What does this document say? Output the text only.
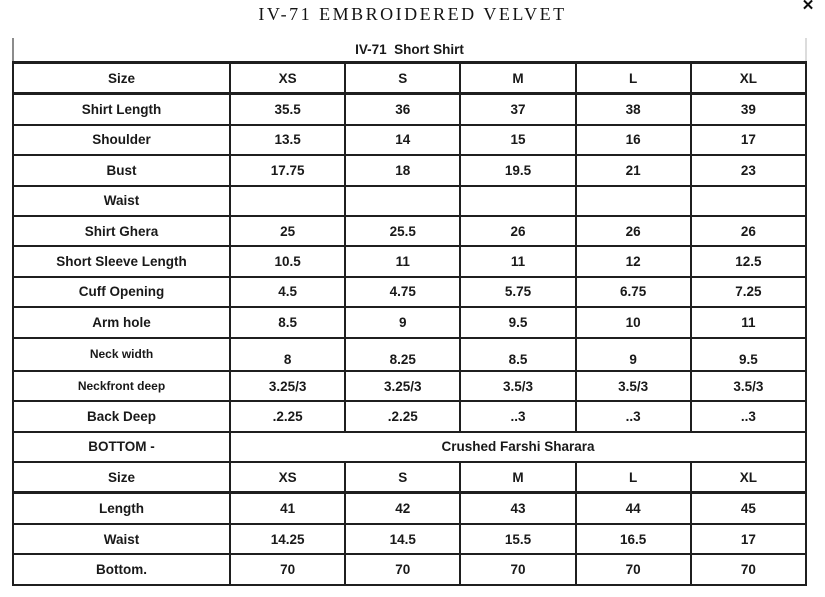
IV-71 EMBROIDERED VELVET	✕
IV-71  Short Shirt					
Size	XS	S	M	L	XL
Shirt Length	35.5	36	37	38	39
Shoulder	13.5	14	15	16	17
Bust	17.75	18	19.5	21	23
Waist					
Shirt Ghera	25	25.5	26	26	26
Short Sleeve Length	10.5	11	11	12	12.5
Cuff Opening	4.5	4.75	5.75	6.75	7.25
Arm hole	8.5	9	9.5	10	11
Neck width	8	8.25	8.5	9	9.5
Neckfront deep	3.25/3	3.25/3	3.5/3	3.5/3	3.5/3
Back Deep	.2.25	.2.25	..3	..3	..3
BOTTOM -	Crushed Farshi Sharara				
Size	XS	S	M	L	XL
Length	41	42	43	44	45
Waist	14.25	14.5	15.5	16.5	17
Bottom.	70	70	70	70	70
